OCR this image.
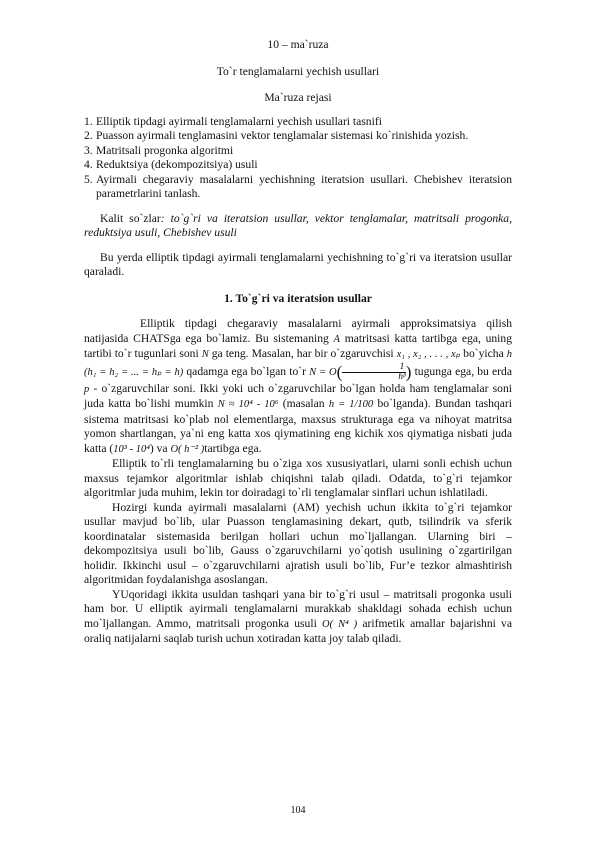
10 – ma`ruza
To`r tenglamalarni yechish usullari
Ma`ruza rejasi
1. Elliptik tipdagi ayirmali tenglamalarni yechish usullari tasnifi
2. Puasson ayirmali tenglamasini vektor tenglamalar sistemasi ko`rinishida yozish.
3. Matritsali progonka algoritmi
4. Reduktsiya (dekompozitsiya) usuli
5. Ayirmali chegaraviy masalalarni yechishning iteratsion usullari. Chebishev iteratsion parametrlarini tanlash.

Kalit so`zlar: to`g`ri va iteratsion usullar, vektor tenglamalar, matritsali progonka, reduktsiya usuli, Chebishev usuli

Bu yerda elliptik tipdagi ayirmali tenglamalarni yechishning to`g`ri va iteratsion usullar qaraladi.

1. To`g`ri va iteratsion usullar

Elliptik tipdagi chegaraviy masalalarni ayirmali approksimatsiya qilish natijasida CHATSga ega bo`lamiz. Bu sistemaning A matritsasi katta tartibga ega, uning tartibi to`r tugunlari soni N ga teng. Masalan, har bir o`zgaruvchisi x₁ , x₂ , . . . , xₚ bo`yicha h (h₁ = h₂ = ... = hₚ = h) qadamga ega bo`lgan to`r $N = O( \frac{1}{\text{hᵖ}}$ ) tugunga ega, bu erda p - o`zgaruvchilar soni. Ikki yoki uch o`zgaruvchilar bo`lgan holda ham tenglamalar soni juda katta bo`lishi mumkin N ≈ 10⁴ - 10⁶ (masalan h = 1/100 bo`lganda). Bundan tashqari sistema matritsasi ko`plab nol elementlarga, maxsus strukturaga ega va nihoyat matritsa yomon shartlangan, ya`ni eng katta xos qiymatining eng kichik xos qiymatiga nisbati juda katta (10³ - 10⁴) va O( h⁻² )tartibga ega.

Elliptik to`rli tenglamalarning bu o`ziga xos xususiyatlari, ularni sonli echish uchun maxsus tejamkor algoritmlar ishlab chiqishni talab qiladi. Odatda, to`g`ri tejamkor algoritmlar juda muhim, lekin tor doiradagi to`rli tenglamalar sinflari uchun ishlatiladi.

Hozirgi kunda ayirmali masalalarni (AM) yechish uchun ikkita to`g`ri tejamkor usullar mavjud bo`lib, ular Puasson tenglamasining dekart, qutb, tsilindrik va sferik koordinatalar sistemasida berilgan hollari uchun mo`ljallangan. Ularning biri – dekompozitsiya usuli bo`lib, Gauss o`zgaruvchilarni yo`qotish usulining o`zgartirilgan holidir. Ikkinchi usul – o`zgaruvchilarni ajratish usuli bo`lib, Fur’e tezkor almashtirish algoritmidan foydalanishga asoslangan.

YUqoridagi ikkita usuldan tashqari yana bir to`g`ri usul – matritsali progonka usuli ham bor. U elliptik ayirmali tenglamalarni murakkab shakldagi sohada echish uchun mo`ljallangan. Ammo, matritsali progonka usuli O( N⁴ ) arifmetik amallar bajarishni va oraliq natijalarni saqlab turish uchun xotiradan katta joy talab qiladi.

104
